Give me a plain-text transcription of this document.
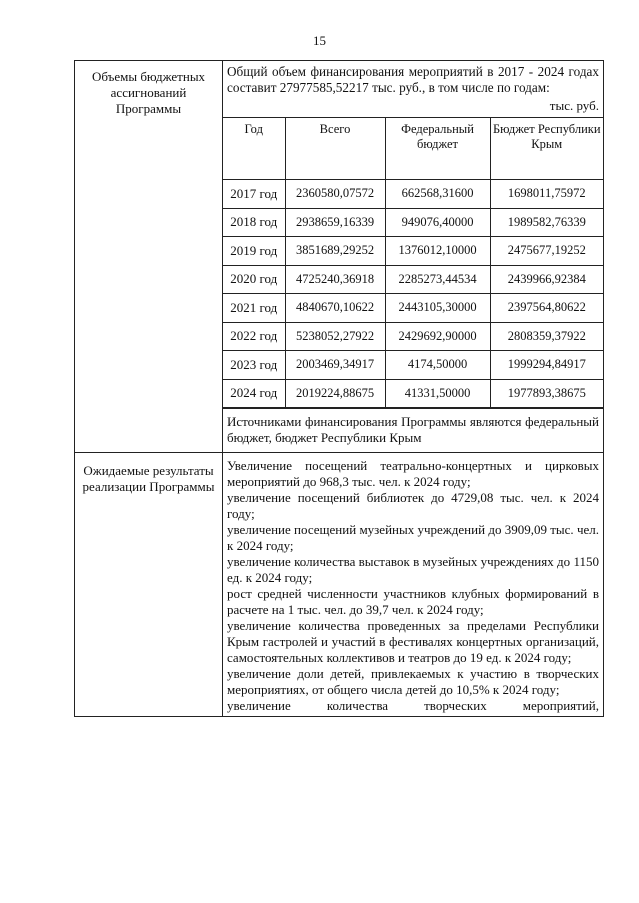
15
Объемы бюджетных ассигнований Программы

Общий объем финансирования мероприятий в 2017 - 2024 годах составит 27977585,52217 тыс. руб., в том числе по годам:
тыс. руб.
Год	Всего	Федеральный бюджет	Бюджет Республики Крым
2017 год	2360580,07572	662568,31600	1698011,75972
2018 год	2938659,16339	949076,40000	1989582,76339
2019 год	3851689,29252	1376012,10000	2475677,19252
2020 год	4725240,36918	2285273,44534	2439966,92384
2021 год	4840670,10622	2443105,30000	2397564,80622
2022 год	5238052,27922	2429692,90000	2808359,37922
2023 год	2003469,34917	4174,50000	1999294,84917
2024 год	2019224,88675	41331,50000	1977893,38675
Источниками финансирования Программы являются федеральный бюджет, бюджет Республики Крым

Ожидаемые результаты реализации Программы

Увеличение посещений театрально-концертных и цирковых мероприятий до 968,3 тыс. чел. к 2024 году;
увеличение посещений библиотек до 4729,08 тыс. чел. к 2024 году;
увеличение посещений музейных учреждений до 3909,09 тыс. чел. к 2024 году;
увеличение количества выставок в музейных учреждениях до 1150 ед. к 2024 году;
рост средней численности участников клубных формирований в расчете на 1 тыс. чел. до 39,7 чел. к 2024 году;
увеличение количества проведенных за пределами Республики Крым гастролей и участий в фестивалях концертных организаций, самостоятельных коллективов и театров до 19 ед. к 2024 году;
увеличение доли детей, привлекаемых к участию в творческих мероприятиях, от общего числа детей до 10,5% к 2024 году;
увеличение количества творческих мероприятий,
